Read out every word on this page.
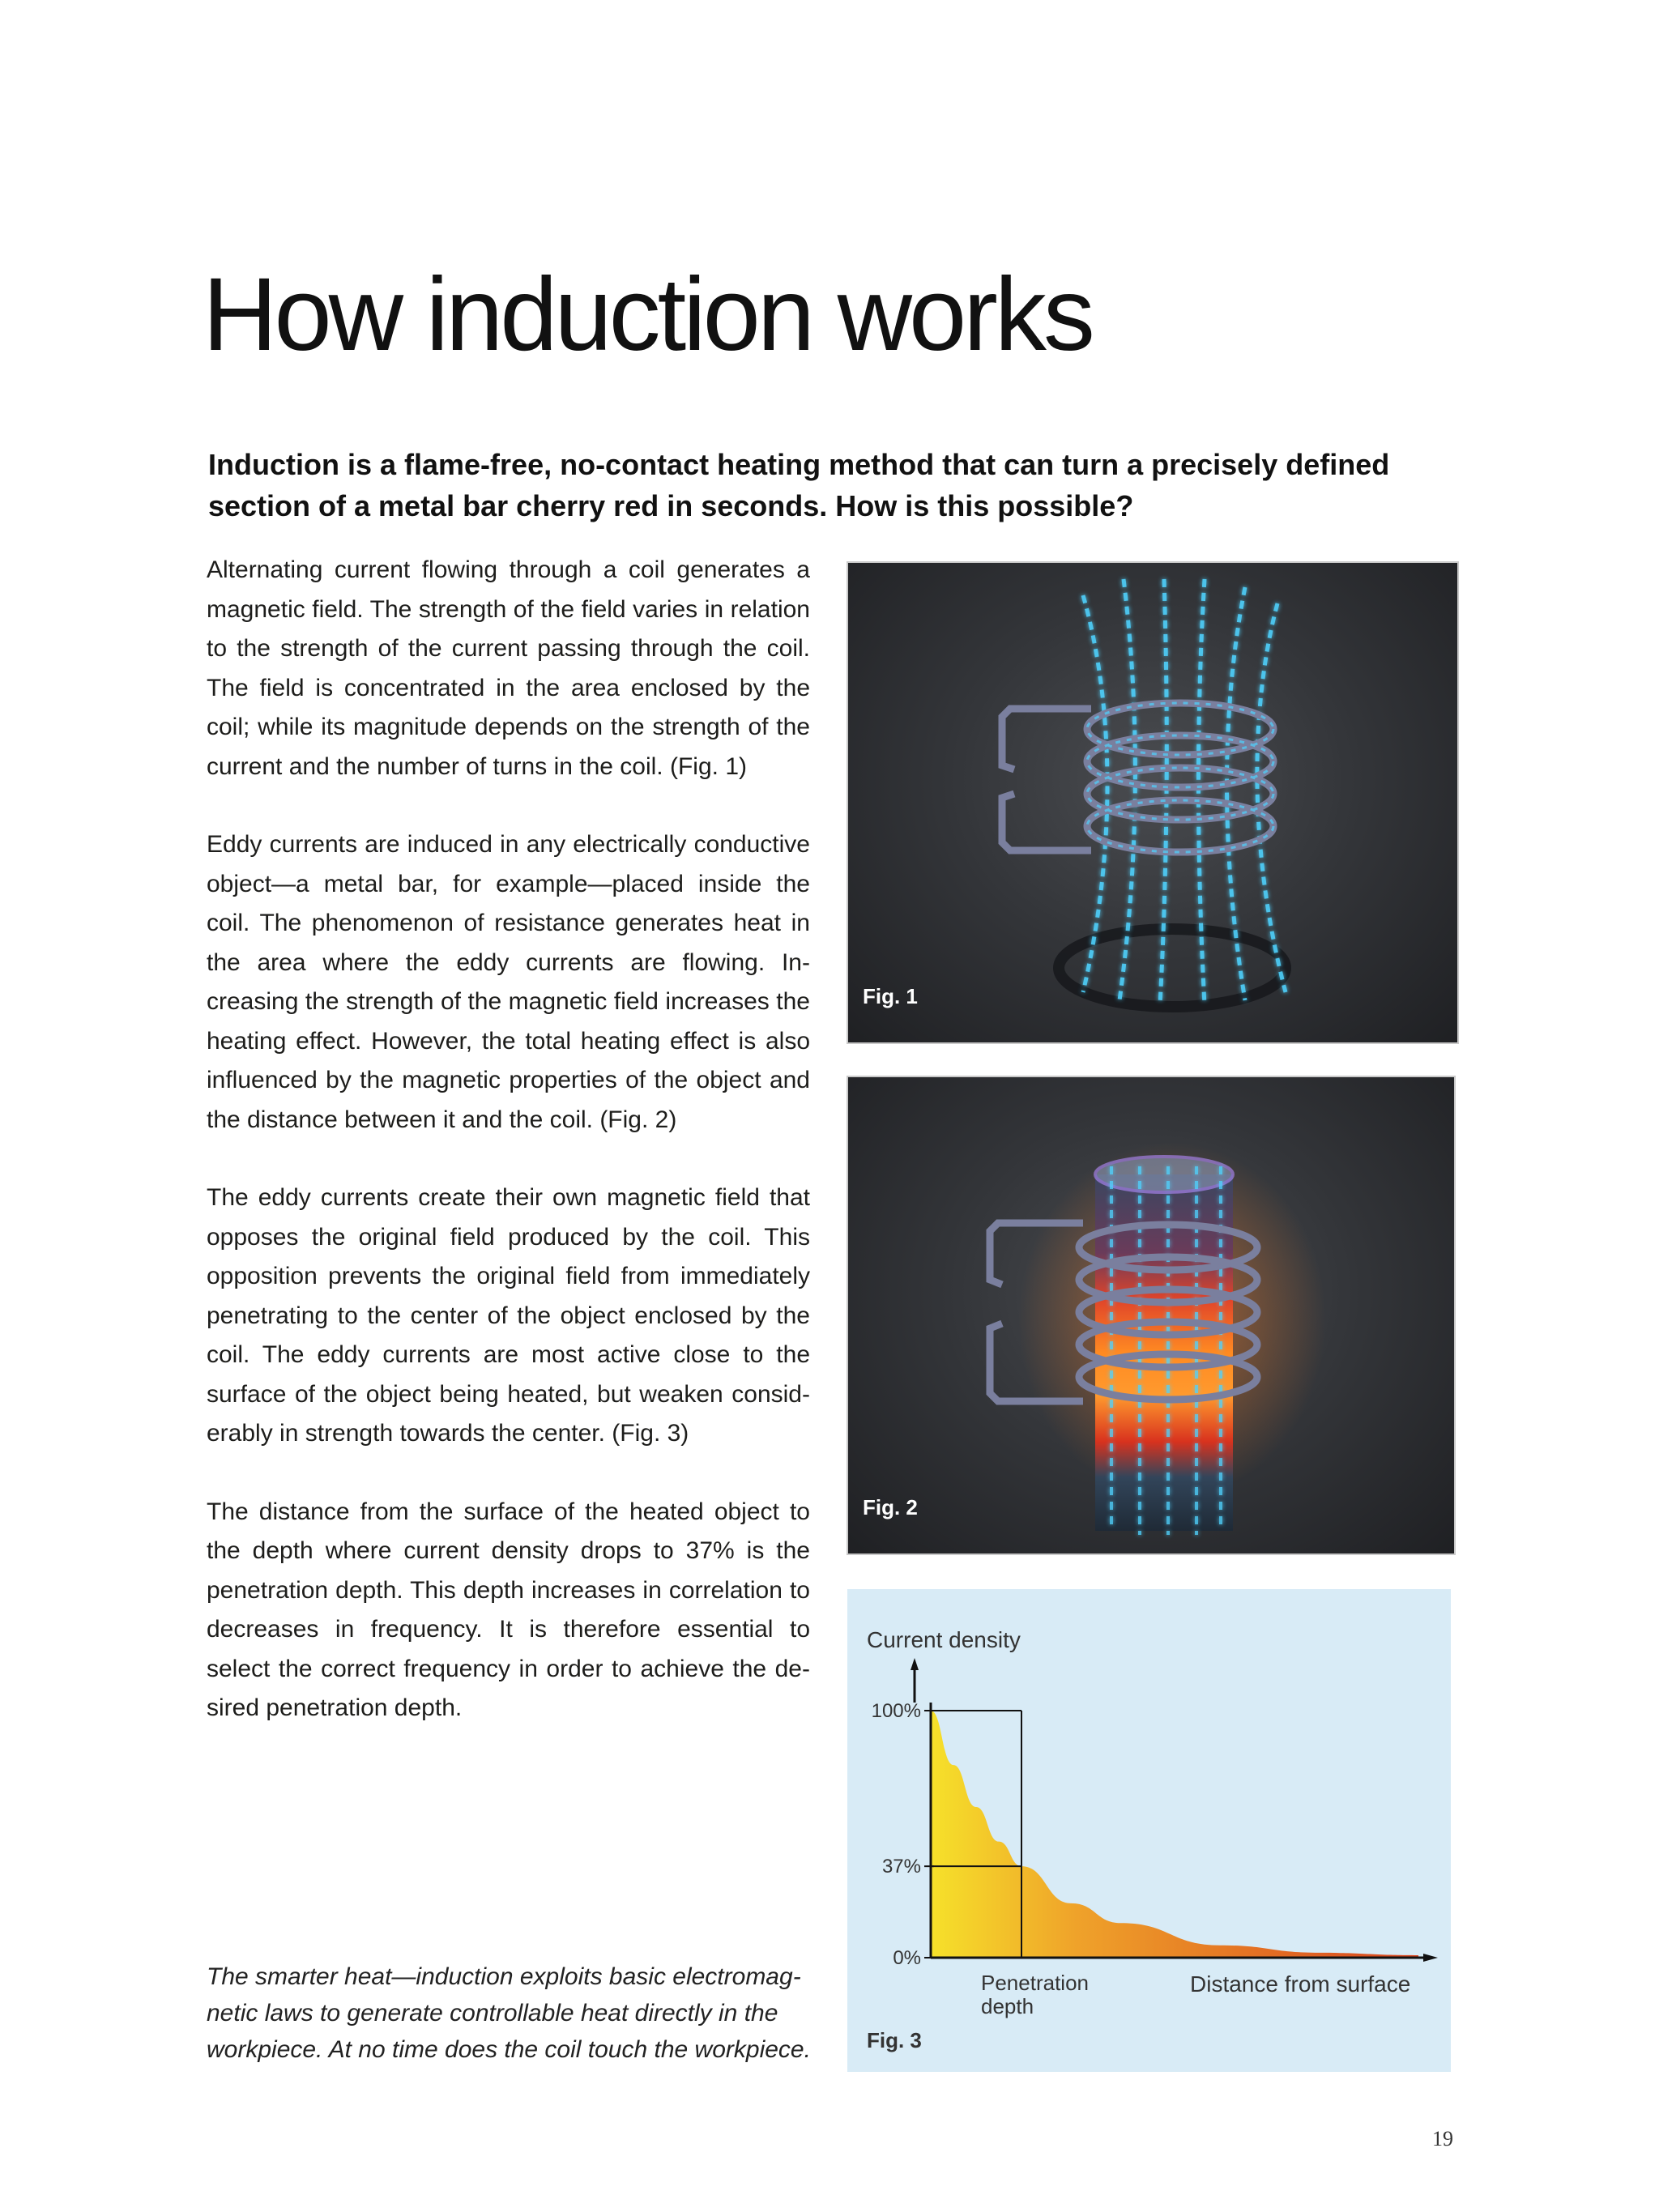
How induction works
Induction is a flame-free, no-contact heating method that can turn a precisely defined section of a metal bar cherry red in seconds. How is this possible?

Alternating current flowing through a coil generates a magnetic field. The strength of the field varies in relation to the strength of the current passing through the coil. The field is concentrated in the area enclosed by the coil; while its magnitude depends on the strength of the current and the number of turns in the coil. (Fig. 1)

Eddy currents are induced in any electrically conductive object—a metal bar, for example—placed inside the coil. The phenomenon of resistance generates heat in the area where the eddy currents are flowing. Increasing the strength of the magnetic field increases the heating effect. However, the total heating effect is also influenced by the magnetic properties of the object and the distance between it and the coil. (Fig. 2)

The eddy currents create their own magnetic field that opposes the original field produced by the coil. This opposition prevents the original field from immediately penetrating to the center of the object enclosed by the coil. The eddy currents are most active close to the surface of the object being heated, but weaken considerably in strength towards the center. (Fig. 3)

The distance from the surface of the heated object to the depth where current density drops to 37% is the penetration depth. This depth increases in correlation to decreases in frequency. It is therefore essential to select the correct frequency in order to achieve the desired penetration depth.

The smarter heat—induction exploits basic electromagnetic laws to generate controllable heat directly in the workpiece. At no time does the coil touch the workpiece.
Fig. 1
Fig. 2
100%
37%
0%
Penetration depth
Current density
Distance from surface
Fig. 3
19
